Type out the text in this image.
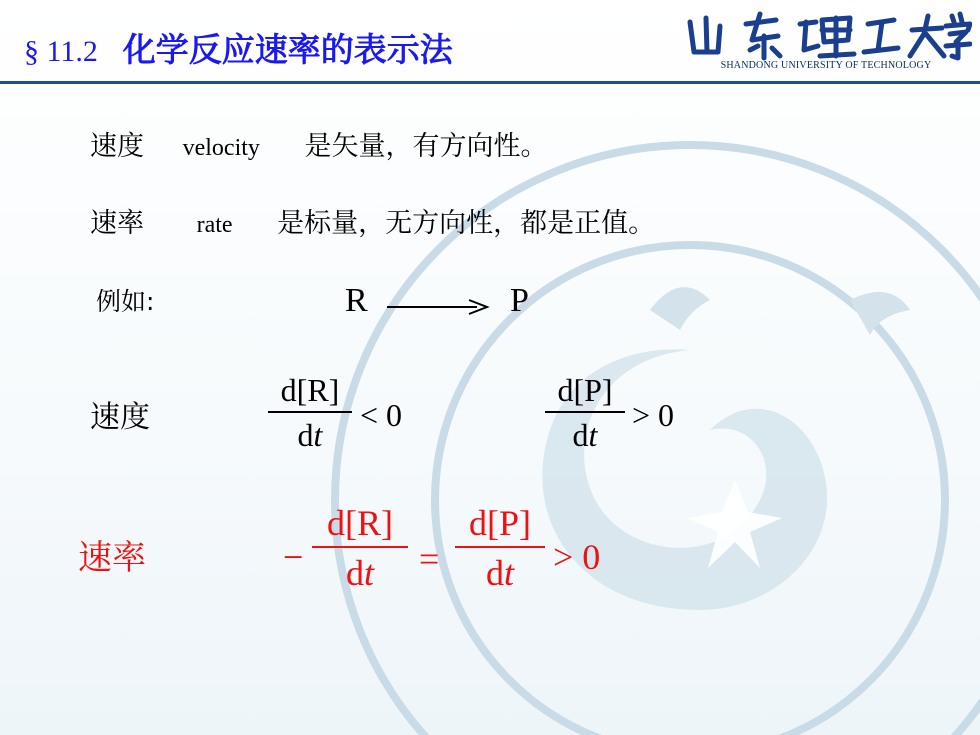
§ 11.2 化学反应速率的表示法	SHANDONG UNIVERSITY OF TECHNOLOGY
速度 velocity 是矢量，有方向性。
速率 rate 是标量，无方向性，都是正值。
例如:	R	P
速度
d[R]
dt
< 0
d[P]
dt
> 0
速率	−
d[R]
dt	=
d[P]
dt	> 0
